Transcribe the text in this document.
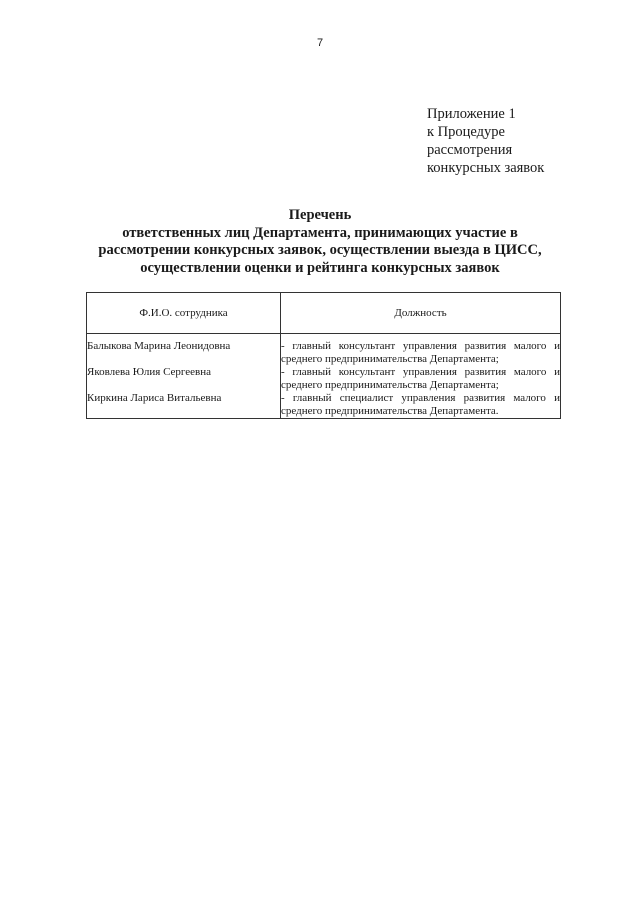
7
Приложение 1
к Процедуре
рассмотрения
конкурсных заявок
Перечень
ответственных лиц Департамента, принимающих участие в
рассмотрении конкурсных заявок, осуществлении выезда в ЦИСС,
осуществлении оценки и рейтинга конкурсных заявок
Ф.И.О. сотрудника	Должность
Балыкова Марина Леонидовна	- главный консультант управления развития малого и среднего предпринимательства Департамента;
Яковлева Юлия Сергеевна	- главный консультант управления развития малого и среднего предпринимательства Департамента;
Киркина Лариса Витальевна	- главный специалист управления развития малого и среднего предпринимательства Департамента.
